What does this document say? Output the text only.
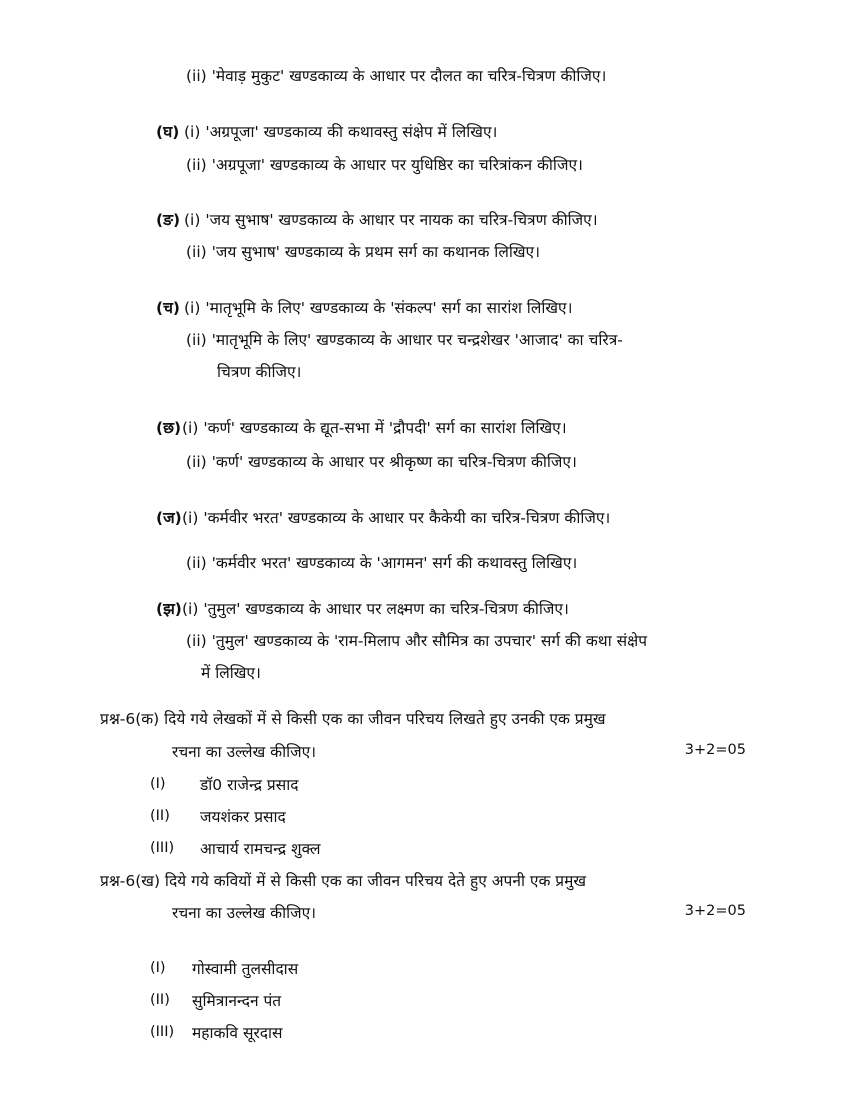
(ii) 'मेवाड़ मुकुट' खण्डकाव्य के आधार पर दौलत का चरित्र-चित्रण कीजिए।
(घ) (i) 'अग्रपूजा' खण्डकाव्य की कथावस्तु संक्षेप में लिखिए।
(ii) 'अग्रपूजा' खण्डकाव्य के आधार पर युधिष्ठिर का चरित्रांकन कीजिए।
(ङ) (i) 'जय सुभाष' खण्डकाव्य के आधार पर नायक का चरित्र-चित्रण कीजिए।
(ii) 'जय सुभाष' खण्डकाव्य के प्रथम सर्ग का कथानक लिखिए।
(च) (i) 'मातृभूमि के लिए' खण्डकाव्य के 'संकल्प' सर्ग का सारांश लिखिए।
(ii) 'मातृभूमि के लिए' खण्डकाव्य के आधार पर चन्द्रशेखर 'आजाद' का चरित्र-
चित्रण कीजिए।
(छ) (i) 'कर्ण' खण्डकाव्य के द्यूत-सभा में 'द्रौपदी' सर्ग का सारांश लिखिए।
(ii) 'कर्ण' खण्डकाव्य के आधार पर श्रीकृष्ण का चरित्र-चित्रण कीजिए।
(ज) (i) 'कर्मवीर भरत' खण्डकाव्य के आधार पर कैकेयी का चरित्र-चित्रण कीजिए।
(ii) 'कर्मवीर भरत' खण्डकाव्य के 'आगमन' सर्ग की कथावस्तु लिखिए।
(झ) (i) 'तुमुल' खण्डकाव्य के आधार पर लक्ष्मण का चरित्र-चित्रण कीजिए।
(ii) 'तुमुल' खण्डकाव्य के 'राम-मिलाप और सौमित्र का उपचार' सर्ग की कथा संक्षेप
में लिखिए।
प्रश्न-6(क) दिये गये लेखकों में से किसी एक का जीवन परिचय लिखते हुए उनकी एक प्रमुख
रचना का उल्लेख कीजिए।	3+2=05
(I) डॉ0 राजेन्द्र प्रसाद
(II) जयशंकर प्रसाद
(III) आचार्य रामचन्द्र शुक्ल
प्रश्न-6(ख) दिये गये कवियों में से किसी एक का जीवन परिचय देते हुए अपनी एक प्रमुख
रचना का उल्लेख कीजिए।	3+2=05
(I) गोस्वामी तुलसीदास
(II) सुमित्रानन्दन पंत
(III) महाकवि सूरदास
